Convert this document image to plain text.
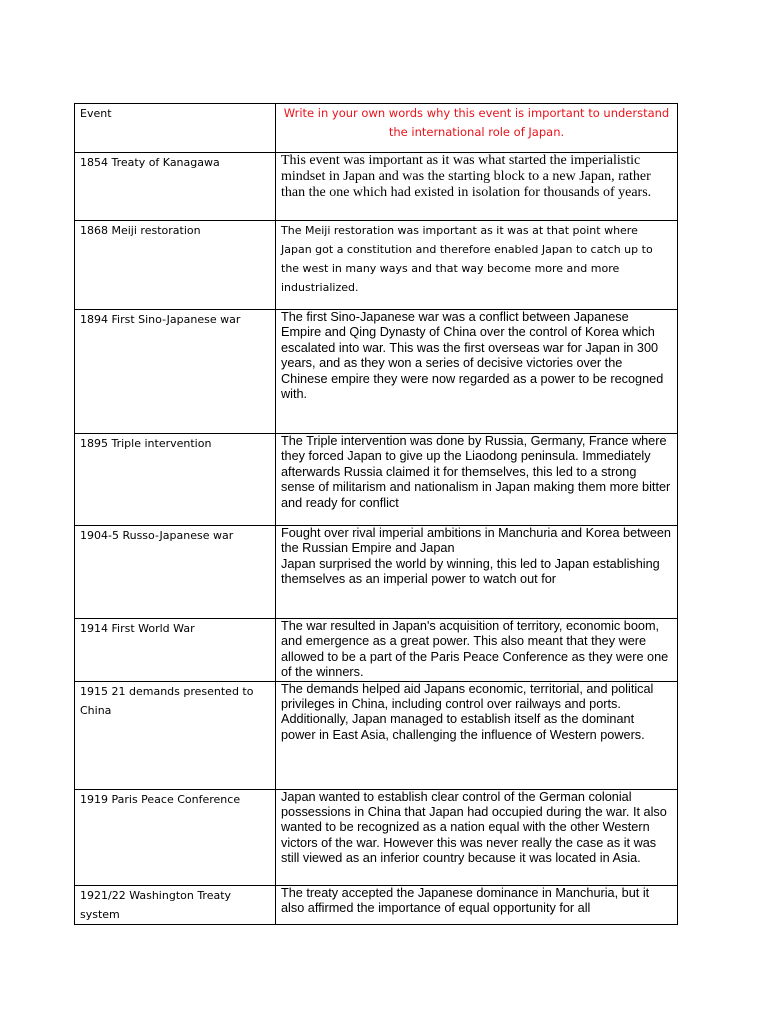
Event	Write in your own words why this event is important to understand the international role of Japan.
1854 Treaty of Kanagawa	This event was important as it was what started the imperialistic mindset in Japan and was the starting block to a new Japan, rather than the one which had existed in isolation for thousands of years.
1868 Meiji restoration	The Meiji restoration was important as it was at that point where Japan got a constitution and therefore enabled Japan to catch up to the west in many ways and that way become more and more industrialized.
1894 First Sino-Japanese war	The first Sino-Japanese war was a conflict between Japanese Empire and Qing Dynasty of China over the control of Korea which escalated into war. This was the first overseas war for Japan in 300 years, and as they won a series of decisive victories over the Chinese empire they were now regarded as a power to be recogned with.
1895 Triple intervention	The Triple intervention was done by Russia, Germany, France where they forced Japan to give up the Liaodong peninsula. Immediately afterwards Russia claimed it for themselves, this led to a strong sense of militarism and nationalism in Japan making them more bitter and ready for conflict
1904-5 Russo-Japanese war	Fought over rival imperial ambitions in Manchuria and Korea between the Russian Empire and Japan
Japan surprised the world by winning, this led to Japan establishing themselves as an imperial power to watch out for

1914 First World War	The war resulted in Japan's acquisition of territory, economic boom, and emergence as a great power. This also meant that they were allowed to be a part of the Paris Peace Conference as they were one of the winners.
1915 21 demands presented to China	The demands helped aid Japans economic, territorial, and political privileges in China, including control over railways and ports. Additionally, Japan managed to establish itself as the dominant power in East Asia, challenging the influence of Western powers.
1919 Paris Peace Conference	Japan wanted to establish clear control of the German colonial possessions in China that Japan had occupied during the war. It also wanted to be recognized as a nation equal with the other Western victors of the war. However this was never really the case as it was still viewed as an inferior country because it was located in Asia.
1921/22 Washington Treaty system	The treaty accepted the Japanese dominance in Manchuria, but it also affirmed the importance of equal opportunity for all
